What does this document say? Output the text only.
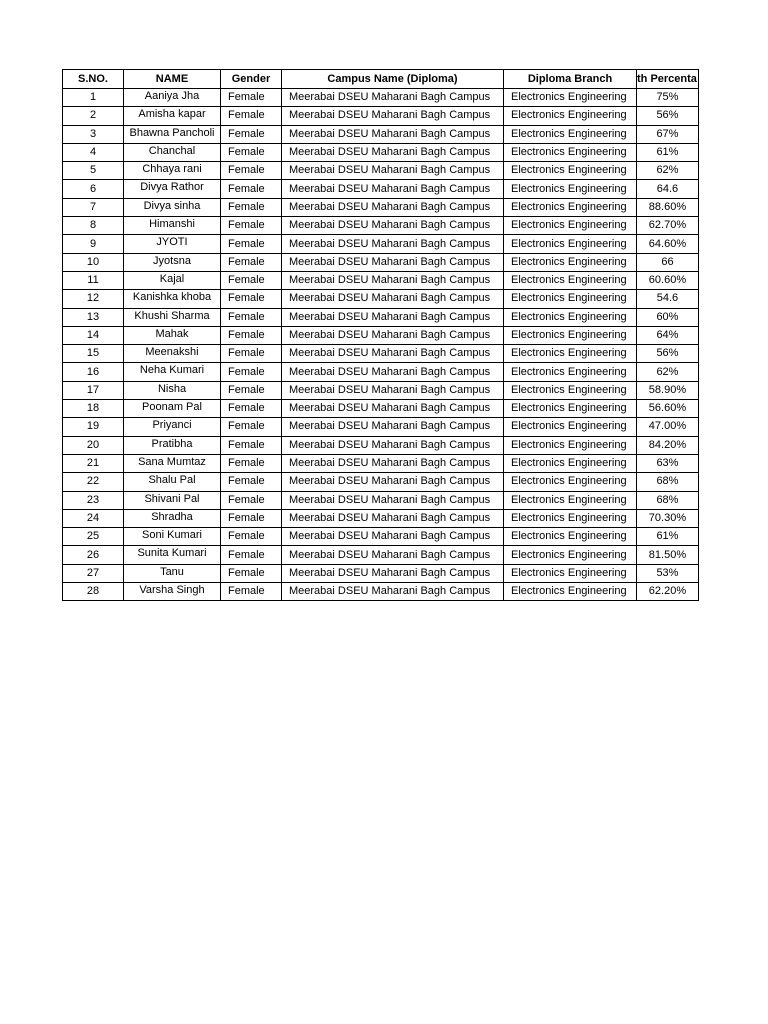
S.NO.	NAME	Gender	Campus Name (Diploma)	Diploma Branch	th Percenta
1	Aaniya Jha	Female	Meerabai DSEU Maharani Bagh Campus	Electronics Engineering	75%
2	Amisha kapar	Female	Meerabai DSEU Maharani Bagh Campus	Electronics Engineering	56%
3	Bhawna Pancholi	Female	Meerabai DSEU Maharani Bagh Campus	Electronics Engineering	67%
4	Chanchal	Female	Meerabai DSEU Maharani Bagh Campus	Electronics Engineering	61%
5	Chhaya rani	Female	Meerabai DSEU Maharani Bagh Campus	Electronics Engineering	62%
6	Divya Rathor	Female	Meerabai DSEU Maharani Bagh Campus	Electronics Engineering	64.6
7	Divya sinha	Female	Meerabai DSEU Maharani Bagh Campus	Electronics Engineering	88.60%
8	Himanshi	Female	Meerabai DSEU Maharani Bagh Campus	Electronics Engineering	62.70%
9	JYOTI	Female	Meerabai DSEU Maharani Bagh Campus	Electronics Engineering	64.60%
10	Jyotsna	Female	Meerabai DSEU Maharani Bagh Campus	Electronics Engineering	66
11	Kajal	Female	Meerabai DSEU Maharani Bagh Campus	Electronics Engineering	60.60%
12	Kanishka khoba	Female	Meerabai DSEU Maharani Bagh Campus	Electronics Engineering	54.6
13	Khushi Sharma	Female	Meerabai DSEU Maharani Bagh Campus	Electronics Engineering	60%
14	Mahak	Female	Meerabai DSEU Maharani Bagh Campus	Electronics Engineering	64%
15	Meenakshi	Female	Meerabai DSEU Maharani Bagh Campus	Electronics Engineering	56%
16	Neha Kumari	Female	Meerabai DSEU Maharani Bagh Campus	Electronics Engineering	62%
17	Nisha	Female	Meerabai DSEU Maharani Bagh Campus	Electronics Engineering	58.90%
18	Poonam Pal	Female	Meerabai DSEU Maharani Bagh Campus	Electronics Engineering	56.60%
19	Priyanci	Female	Meerabai DSEU Maharani Bagh Campus	Electronics Engineering	47.00%
20	Pratibha	Female	Meerabai DSEU Maharani Bagh Campus	Electronics Engineering	84.20%
21	Sana Mumtaz	Female	Meerabai DSEU Maharani Bagh Campus	Electronics Engineering	63%
22	Shalu Pal	Female	Meerabai DSEU Maharani Bagh Campus	Electronics Engineering	68%
23	Shivani Pal	Female	Meerabai DSEU Maharani Bagh Campus	Electronics Engineering	68%
24	Shradha	Female	Meerabai DSEU Maharani Bagh Campus	Electronics Engineering	70.30%
25	Soni Kumari	Female	Meerabai DSEU Maharani Bagh Campus	Electronics Engineering	61%
26	Sunita Kumari	Female	Meerabai DSEU Maharani Bagh Campus	Electronics Engineering	81.50%
27	Tanu	Female	Meerabai DSEU Maharani Bagh Campus	Electronics Engineering	53%
28	Varsha Singh	Female	Meerabai DSEU Maharani Bagh Campus	Electronics Engineering	62.20%
